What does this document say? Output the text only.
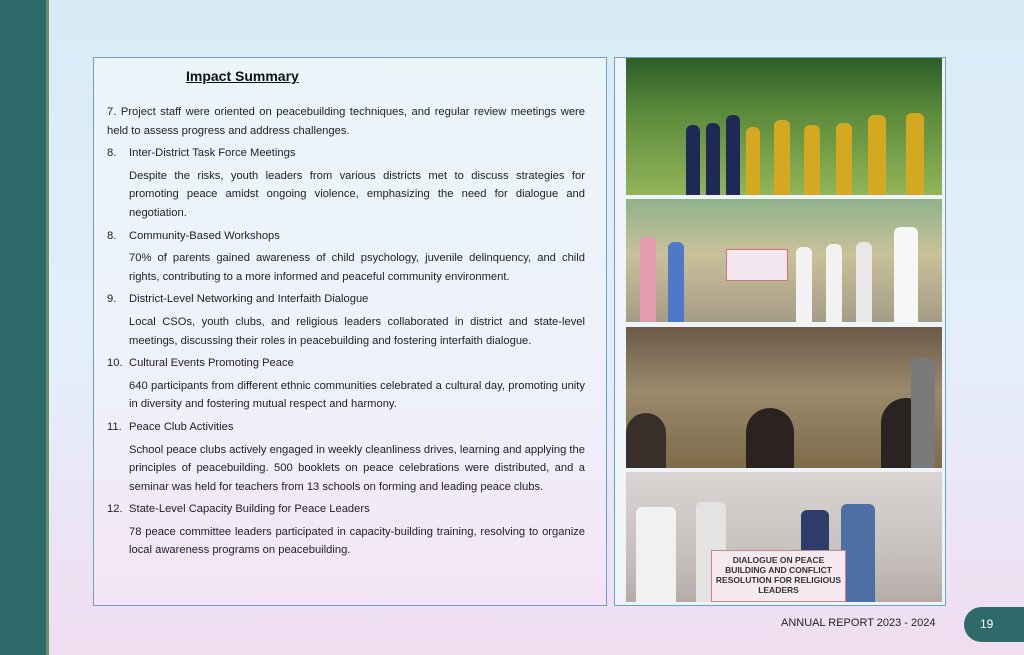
Impact Summary
7. Project staff were oriented on peacebuilding techniques, and regular review meetings were held to assess progress and address challenges.
8.	Inter-District Task Force Meetings
Despite the risks, youth leaders from various districts met to discuss strategies for promoting peace amidst ongoing violence, emphasizing the need for dialogue and negotiation.
8.	Community-Based Workshops
70% of parents gained awareness of child psychology, juvenile delinquency, and child rights, contributing to a more informed and peaceful community environment.
9.	District-Level Networking and Interfaith Dialogue
Local CSOs, youth clubs, and religious leaders collaborated in district and state-level meetings, discussing their roles in peacebuilding and fostering interfaith dialogue.
10. Cultural Events Promoting Peace
640 participants from different ethnic communities celebrated a cultural day, promoting unity in diversity and fostering mutual respect and harmony.
11. Peace Club Activities
School peace clubs actively engaged in weekly cleanliness drives, learning and applying the principles of peacebuilding. 500 booklets on peace celebrations were distributed, and a seminar was held for teachers from 13 schools on forming and leading peace clubs.
12. State-Level Capacity Building for Peace Leaders
78 peace committee leaders participated in capacity-building training, resolving to organize local awareness programs on peacebuilding.
DIALOGUE ON PEACE BUILDING AND CONFLICT RESOLUTION FOR RELIGIOUS LEADERS
ANNUAL REPORT 2023 - 2024	19
